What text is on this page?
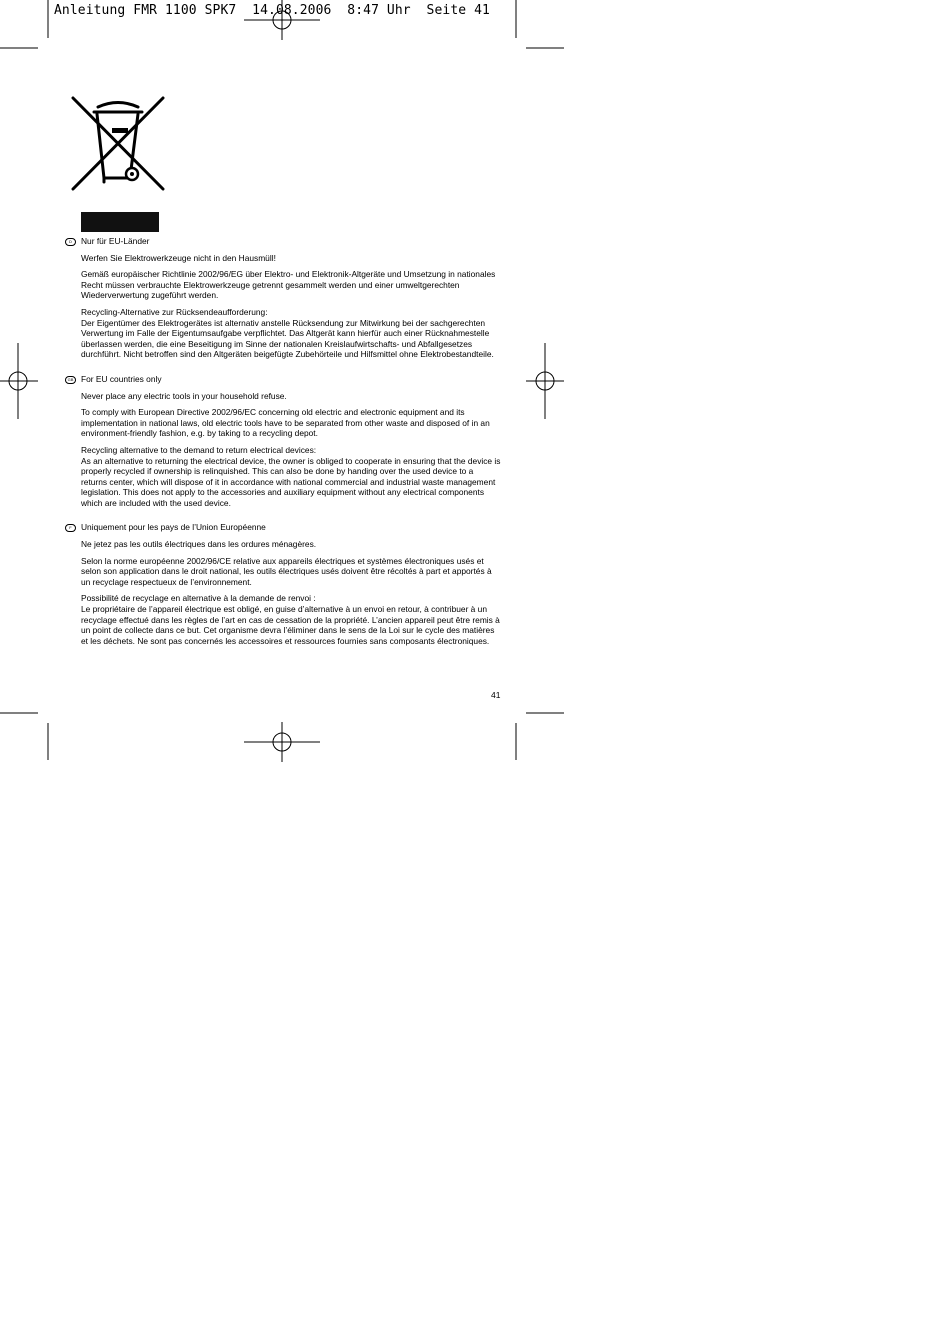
Anleitung FMR 1100 SPK7  14.08.2006  8:47 Uhr  Seite 41
D	Nur für EU-Länder
Werfen Sie Elektrowerkzeuge nicht in den Hausmüll!
Gemäß europäischer Richtlinie 2002/96/EG über Elektro- und Elektronik-Altgeräte und Umsetzung in nationales Recht müssen verbrauchte Elektrowerkzeuge getrennt gesammelt werden und einer umweltgerechten Wiederverwertung zugeführt werden.
Recycling-Alternative zur Rücksendeaufforderung:
Der Eigentümer des Elektrogerätes ist alternativ anstelle Rücksendung zur Mitwirkung bei der sachgerechten Verwertung im Falle der Eigentumsaufgabe verpflichtet. Das Altgerät kann hierfür auch einer Rücknahmestelle überlassen werden, die eine Beseitigung im Sinne der nationalen Kreislaufwirtschafts- und Abfallgesetzes durchführt. Nicht betroffen sind den Altgeräten beigefügte Zubehörteile und Hilfsmittel ohne Elektrobestandteile.
GB For EU countries only
Never place any electric tools in your household refuse.
To comply with European Directive 2002/96/EC concerning old electric and electronic equipment and its implementation in national laws, old electric tools have to be separated from other waste and disposed of in an environment-friendly fashion, e.g. by taking to a recycling depot.
Recycling alternative to the demand to return electrical devices:
As an alternative to returning the electrical device, the owner is obliged to cooperate in ensuring that the device is properly recycled if ownership is relinquished. This can also be done by handing over the used device to a returns center, which will dispose of it in accordance with national commercial and industrial waste management legislation. This does not apply to the accessories and auxiliary equipment without any electrical components which are included with the used device.
F	Uniquement pour les pays de l’Union Européenne
Ne jetez pas les outils électriques dans les ordures ménagères.
Selon la norme européenne 2002/96/CE relative aux appareils électriques et systèmes électroniques usés et selon son application dans le droit national, les outils électriques usés doivent être récoltés à part et apportés à un recyclage respectueux de l’environnement.
Possibilité de recyclage en alternative à la demande de renvoi :
Le propriétaire de l’appareil électrique est obligé, en guise d’alternative à un envoi en retour, à contribuer à un recyclage effectué dans les règles de l’art en cas de cessation de la propriété. L’ancien appareil peut être remis à un point de collecte dans ce but. Cet organisme devra l’éliminer dans le sens de la Loi sur le cycle des matières et les déchets. Ne sont pas concernés les accessoires et ressources fournies sans composants électroniques.
41
